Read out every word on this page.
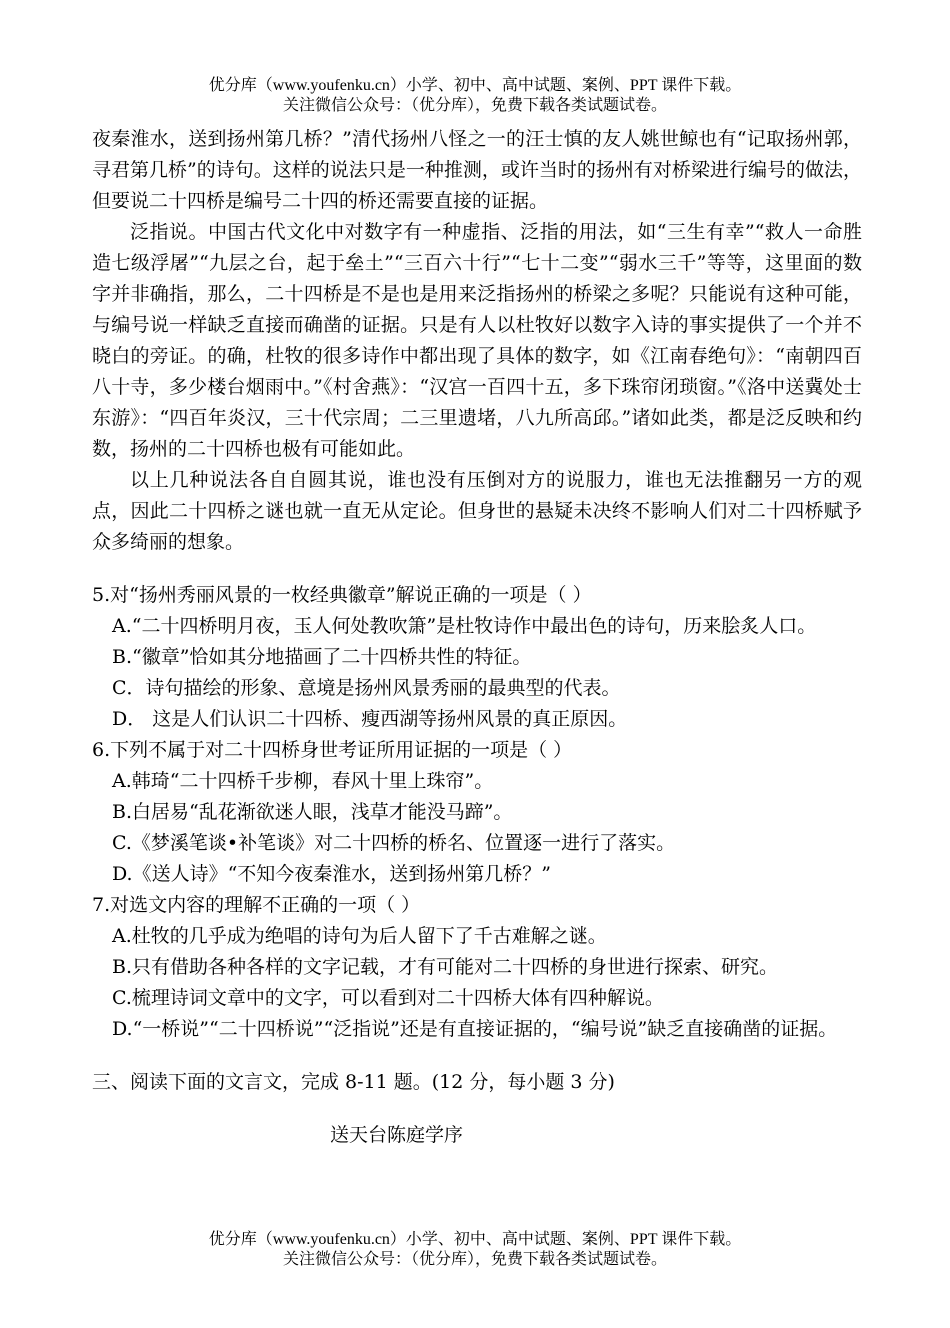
优分库（www.youfenku.cn）小学、初中、高中试题、案例、PPT 课件下载。
关注微信公众号：（优分库），免费下载各类试题试卷。

夜秦淮水，送到扬州第几桥？”清代扬州八怪之一的汪士慎的友人姚世鲸也有“记取扬州郭，寻君第几桥”的诗句。这样的说法只是一种推测，或许当时的扬州有对桥梁进行编号的做法，但要说二十四桥是编号二十四的桥还需要直接的证据。

泛指说。中国古代文化中对数字有一种虚指、泛指的用法，如“三生有幸”“救人一命胜造七级浮屠”“九层之台，起于垒土”“三百六十行”“七十二变”“弱水三千”等等，这里面的数字并非确指，那么，二十四桥是不是也是用来泛指扬州的桥梁之多呢？只能说有这种可能，与编号说一样缺乏直接而确凿的证据。只是有人以杜牧好以数字入诗的事实提供了一个并不晓白的旁证。的确，杜牧的很多诗作中都出现了具体的数字，如《江南春绝句》：“南朝四百八十寺，多少楼台烟雨中。”《村舍燕》：“汉宫一百四十五，多下珠帘闭琐窗。”《洛中送冀处士东游》：“四百年炎汉，三十代宗周；二三里遗堵，八九所高邱。”诸如此类，都是泛反映和约数，扬州的二十四桥也极有可能如此。

以上几种说法各自自圆其说，谁也没有压倒对方的说服力，谁也无法推翻另一方的观点，因此二十四桥之谜也就一直无从定论。但身世的悬疑未决终不影响人们对二十四桥赋予众多绮丽的想象。

5.对“扬州秀丽风景的一枚经典徽章”解说正确的一项是（ ）

A.“二十四桥明月夜，玉人何处教吹箫”是杜牧诗作中最出色的诗句，历来脍炙人口。

B.“徽章”恰如其分地描画了二十四桥共性的特征。

C．诗句描绘的形象、意境是扬州风景秀丽的最典型的代表。

D． 这是人们认识二十四桥、瘦西湖等扬州风景的真正原因。

6.下列不属于对二十四桥身世考证所用证据的一项是（ ）

A.韩琦“二十四桥千步柳，春风十里上珠帘”。

B.白居易“乱花渐欲迷人眼，浅草才能没马蹄”。

C.《梦溪笔谈•补笔谈》对二十四桥的桥名、位置逐一进行了落实。

D.《送人诗》“不知今夜秦淮水，送到扬州第几桥？”

7.对选文内容的理解不正确的一项（ ）

A.杜牧的几乎成为绝唱的诗句为后人留下了千古难解之谜。

B.只有借助各种各样的文字记载，才有可能对二十四桥的身世进行探索、研究。

C.梳理诗词文章中的文字，可以看到对二十四桥大体有四种解说。

D.“一桥说”“二十四桥说”“泛指说”还是有直接证据的，“编号说”缺乏直接确凿的证据。

三、阅读下面的文言文，完成 8-11 题。(12 分，每小题 3 分)

送天台陈庭学序

优分库（www.youfenku.cn）小学、初中、高中试题、案例、PPT 课件下载。
关注微信公众号：（优分库），免费下载各类试题试卷。
